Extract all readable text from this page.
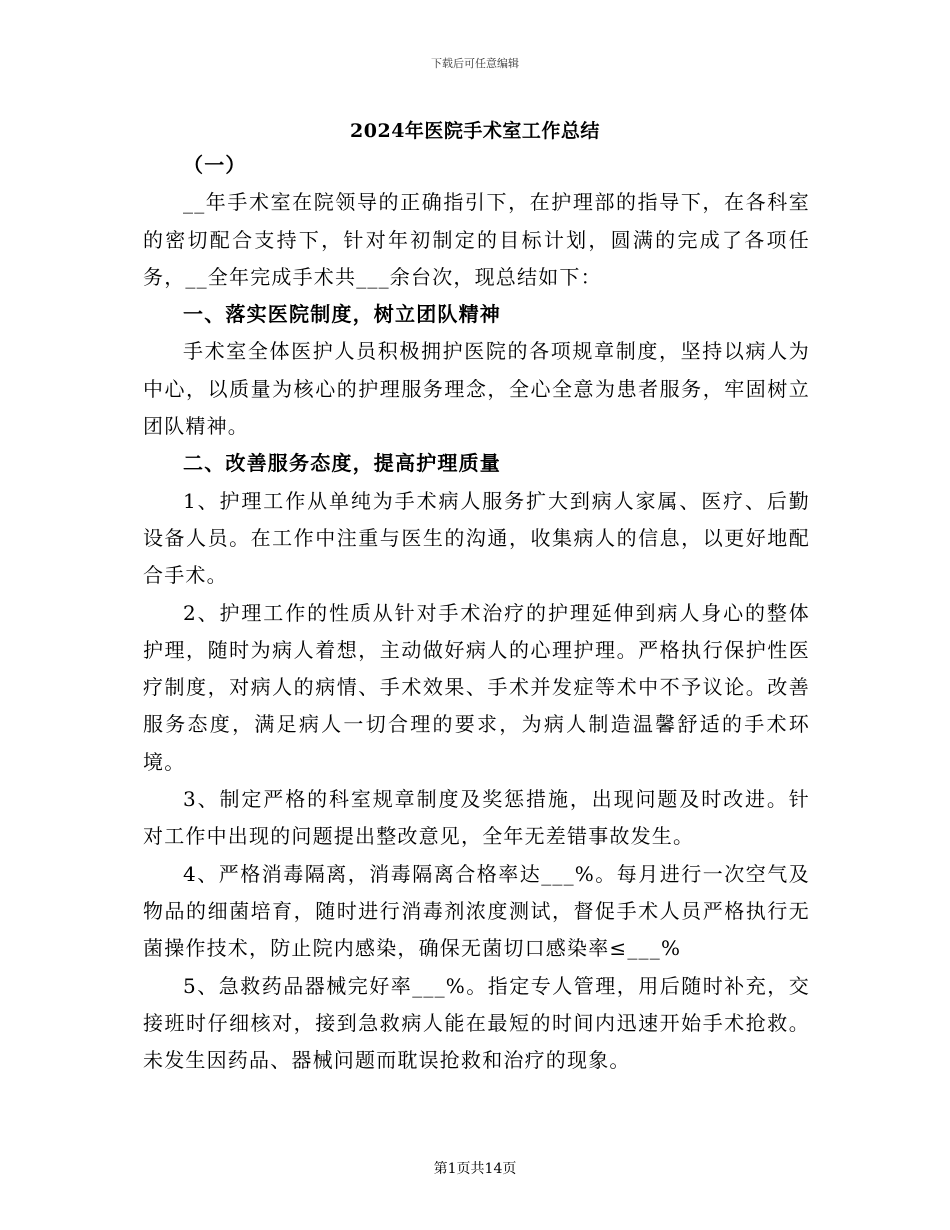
下载后可任意编辑
2024年医院手术室工作总结

（一）

__年手术室在院领导的正确指引下，在护理部的指导下，在各科室的密切配合支持下，针对年初制定的目标计划，圆满的完成了各项任务，__全年完成手术共___余台次，现总结如下：

一、落实医院制度，树立团队精神

手术室全体医护人员积极拥护医院的各项规章制度，坚持以病人为中心，以质量为核心的护理服务理念，全心全意为患者服务，牢固树立团队精神。

二、改善服务态度，提高护理质量

1、护理工作从单纯为手术病人服务扩大到病人家属、医疗、后勤设备人员。在工作中注重与医生的沟通，收集病人的信息，以更好地配合手术。

2、护理工作的性质从针对手术治疗的护理延伸到病人身心的整体护理，随时为病人着想，主动做好病人的心理护理。严格执行保护性医疗制度，对病人的病情、手术效果、手术并发症等术中不予议论。改善服务态度，满足病人一切合理的要求，为病人制造温馨舒适的手术环境。

3、制定严格的科室规章制度及奖惩措施，出现问题及时改进。针对工作中出现的问题提出整改意见，全年无差错事故发生。

4、严格消毒隔离，消毒隔离合格率达___%。每月进行一次空气及物品的细菌培育，随时进行消毒剂浓度测试，督促手术人员严格执行无菌操作技术，防止院内感染，确保无菌切口感染率≤___%

5、急救药品器械完好率___%。指定专人管理，用后随时补充，交接班时仔细核对，接到急救病人能在最短的时间内迅速开始手术抢救。未发生因药品、器械问题而耽误抢救和治疗的现象。

第1页共14页
